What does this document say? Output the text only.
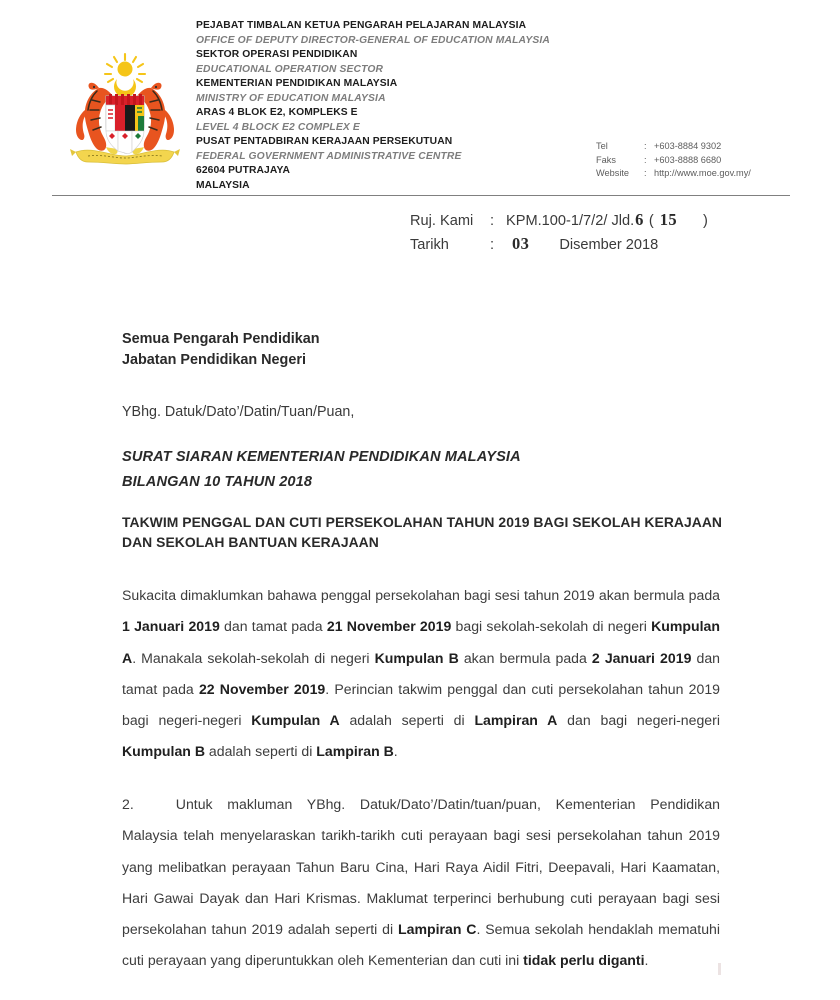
PEJABAT TIMBALAN KETUA PENGARAH PELAJARAN MALAYSIA
OFFICE OF DEPUTY DIRECTOR-GENERAL OF EDUCATION MALAYSIA
SEKTOR OPERASI PENDIDIKAN
EDUCATIONAL OPERATION SECTOR
KEMENTERIAN PENDIDIKAN MALAYSIA
MINISTRY OF EDUCATION MALAYSIA
ARAS 4 BLOK E2, KOMPLEKS E
LEVEL 4 BLOCK E2 COMPLEX E
PUSAT PENTADBIRAN KERAJAAN PERSEKUTUAN
FEDERAL GOVERNMENT ADMINISTRATIVE CENTRE
62604 PUTRAJAYA
MALAYSIA
Tel	:	+603-8884 9302
Faks	:	+603-8888 6680
Website	:	http://www.moe.gov.my/
Ruj. Kami	: KPM.100-1/7/2/ Jld. 6 ( 15 )
Tarikh	:	03 Disember 2018
Semua Pengarah Pendidikan
Jabatan Pendidikan Negeri
YBhg. Datuk/Dato’/Datin/Tuan/Puan,
SURAT SIARAN KEMENTERIAN PENDIDIKAN MALAYSIA
BILANGAN 10 TAHUN 2018
TAKWIM PENGGAL DAN CUTI PERSEKOLAHAN TAHUN 2019 BAGI SEKOLAH KERAJAAN DAN SEKOLAH BANTUAN KERAJAAN

Sukacita dimaklumkan bahawa penggal persekolahan bagi sesi tahun 2019 akan bermula pada 1 Januari 2019 dan tamat pada 21 November 2019 bagi sekolah-sekolah di negeri Kumpulan A. Manakala sekolah-sekolah di negeri Kumpulan B akan bermula pada 2 Januari 2019 dan tamat pada 22 November 2019. Perincian takwim penggal dan cuti persekolahan tahun 2019 bagi negeri-negeri Kumpulan A adalah seperti di Lampiran A dan bagi negeri-negeri Kumpulan B adalah seperti di Lampiran B.

2.	Untuk makluman YBhg. Datuk/Dato’/Datin/tuan/puan, Kementerian Pendidikan Malaysia telah menyelaraskan tarikh-tarikh cuti perayaan bagi sesi persekolahan tahun 2019 yang melibatkan perayaan Tahun Baru Cina, Hari Raya Aidil Fitri, Deepavali, Hari Kaamatan, Hari Gawai Dayak dan Hari Krismas. Maklumat terperinci berhubung cuti perayaan bagi sesi persekolahan tahun 2019 adalah seperti di Lampiran C. Semua sekolah hendaklah mematuhi cuti perayaan yang diperuntukkan oleh Kementerian dan cuti ini tidak perlu diganti.
